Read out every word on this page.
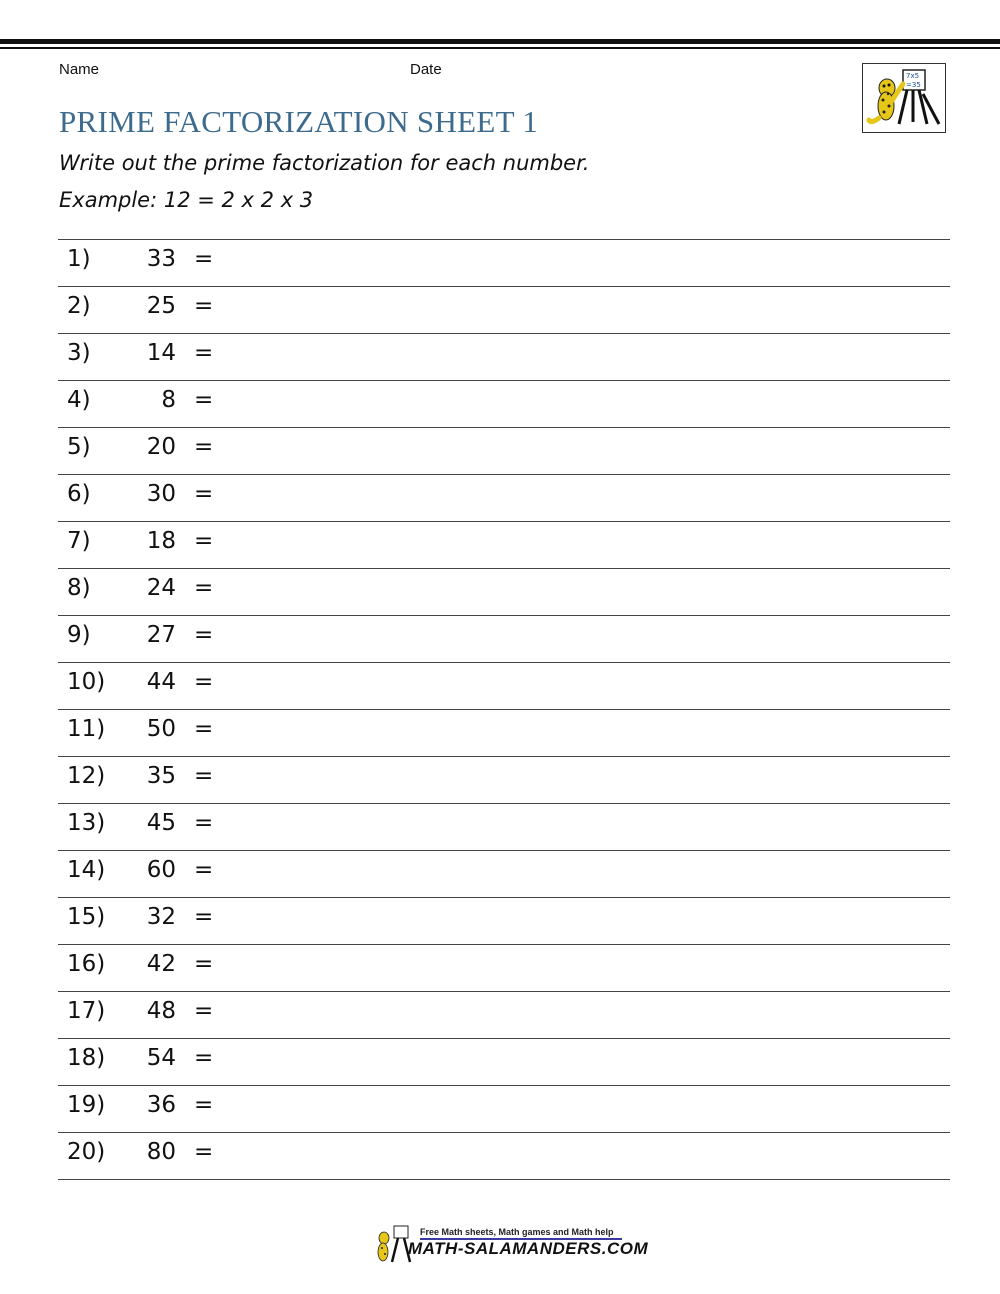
Name	Date	7x5
=35
PRIME FACTORIZATION SHEET 1

Write out the prime factorization for each number.

Example: 12 = 2 x 2 x 3

1)	33 =
2)	25 =
3)	14 =
4)	8 =
5)	20 =
6)	30 =
7)	18 =
8)	24 =
9)	27 =
10)	44 =
11)	50 =
12)	35 =
13)	45 =
14)	60 =
15)	32 =
16)	42 =
17)	48 =
18)	54 =
19)	36 =
20)	80 =
Free Math sheets, Math games and Math help
MATH-SALAMANDERS.COM
